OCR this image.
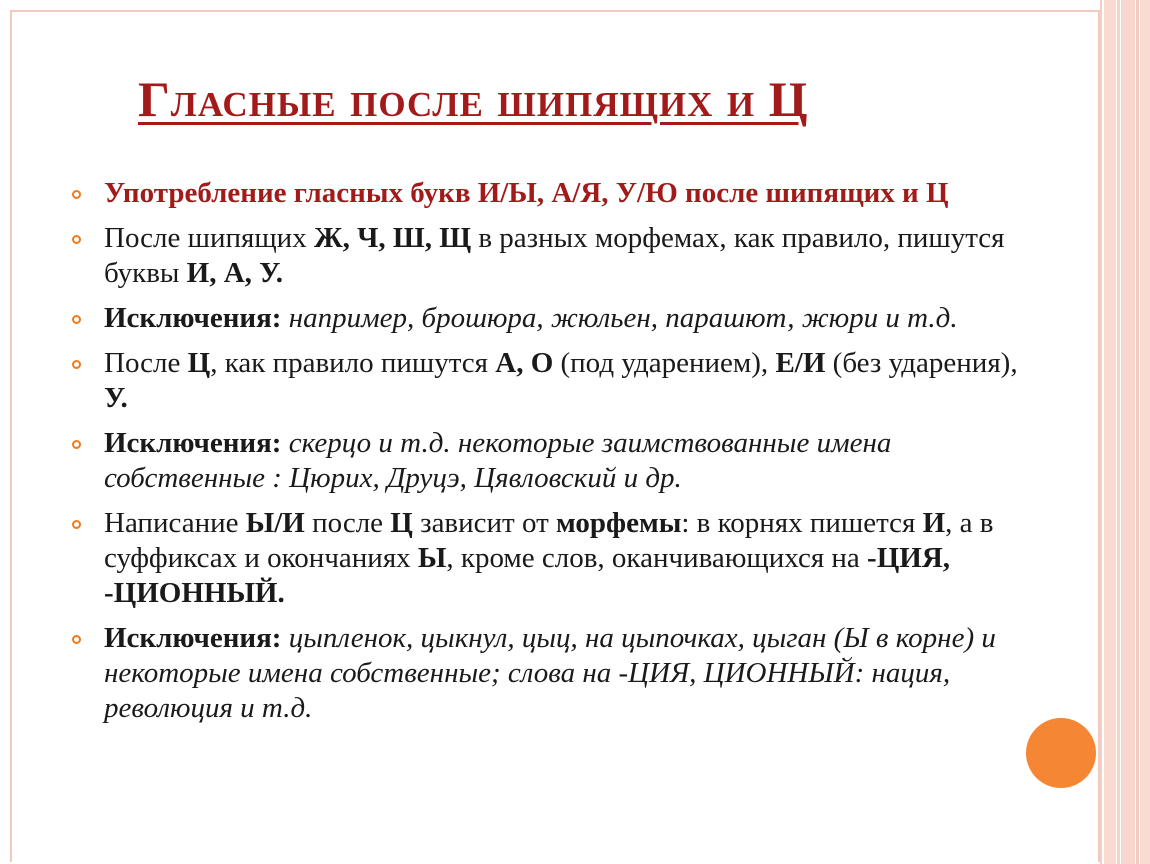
Гласные после шипящих и Ц
Употребление гласных букв И/Ы, А/Я, У/Ю после шипящих и Ц
После шипящих Ж, Ч, Ш, Щ в разных морфемах, как правило, пишутся буквы И, А, У.
Исключения: например, брошюра, жюльен, парашют, жюри и т.д.
После Ц, как правило пишутся А, О (под ударением), Е/И (без ударения), У.
Исключения: скерцо и т.д. некоторые заимствованные имена собственные : Цюрих, Друцэ, Цявловский и др.
Написание Ы/И после Ц зависит от морфемы: в корнях пишется И, а в суффиксах и окончаниях Ы, кроме слов, оканчивающихся на -ЦИЯ, -ЦИОННЫЙ.
Исключения: цыпленок, цыкнул, цыц, на цыпочках, цыган (Ы в корне) и некоторые имена собственные; слова на -ЦИЯ, ЦИОННЫЙ: нация, революция и т.д.
